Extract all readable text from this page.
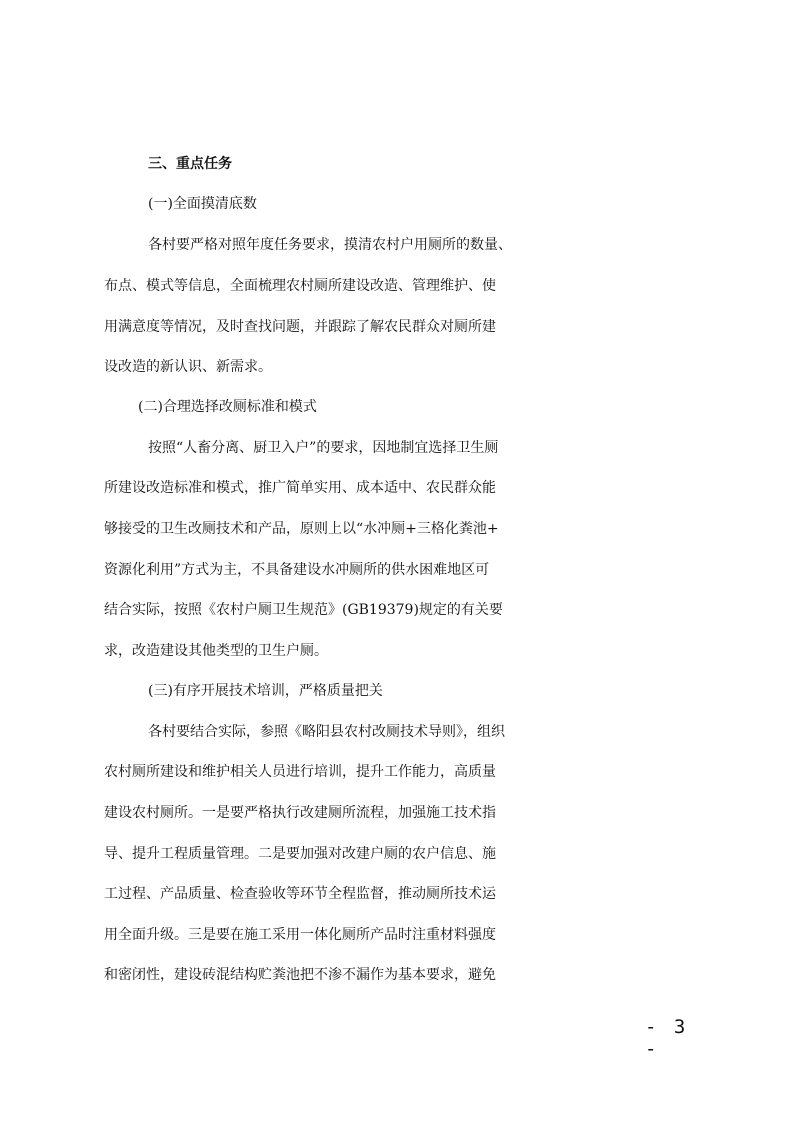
三、重点任务
(一)全面摸清底数
各村要严格对照年度任务要求，摸清农村户用厕所的数量、
布点、模式等信息，全面梳理农村厕所建设改造、管理维护、使
用满意度等情况，及时查找问题，并跟踪了解农民群众对厕所建
设改造的新认识、新需求。
(二)合理选择改厕标准和模式
按照“人畜分离、厨卫入户”的要求，因地制宜选择卫生厕
所建设改造标准和模式，推广简单实用、成本适中、农民群众能
够接受的卫生改厕技术和产品，原则上以“水冲厕+三格化粪池+
资源化利用”方式为主，不具备建设水冲厕所的供水困难地区可
结合实际，按照《农村户厕卫生规范》(GB19379)规定的有关要
求，改造建设其他类型的卫生户厕。
(三)有序开展技术培训，严格质量把关
各村要结合实际，参照《略阳县农村改厕技术导则》，组织
农村厕所建设和维护相关人员进行培训，提升工作能力，高质量
建设农村厕所。一是要严格执行改建厕所流程，加强施工技术指
导、提升工程质量管理。二是要加强对改建户厕的农户信息、施
工过程、产品质量、检查验收等环节全程监督，推动厕所技术运
用全面升级。三是要在施工采用一体化厕所产品时注重材料强度
和密闭性，建设砖混结构贮粪池把不渗不漏作为基本要求，避免
- 3 -
